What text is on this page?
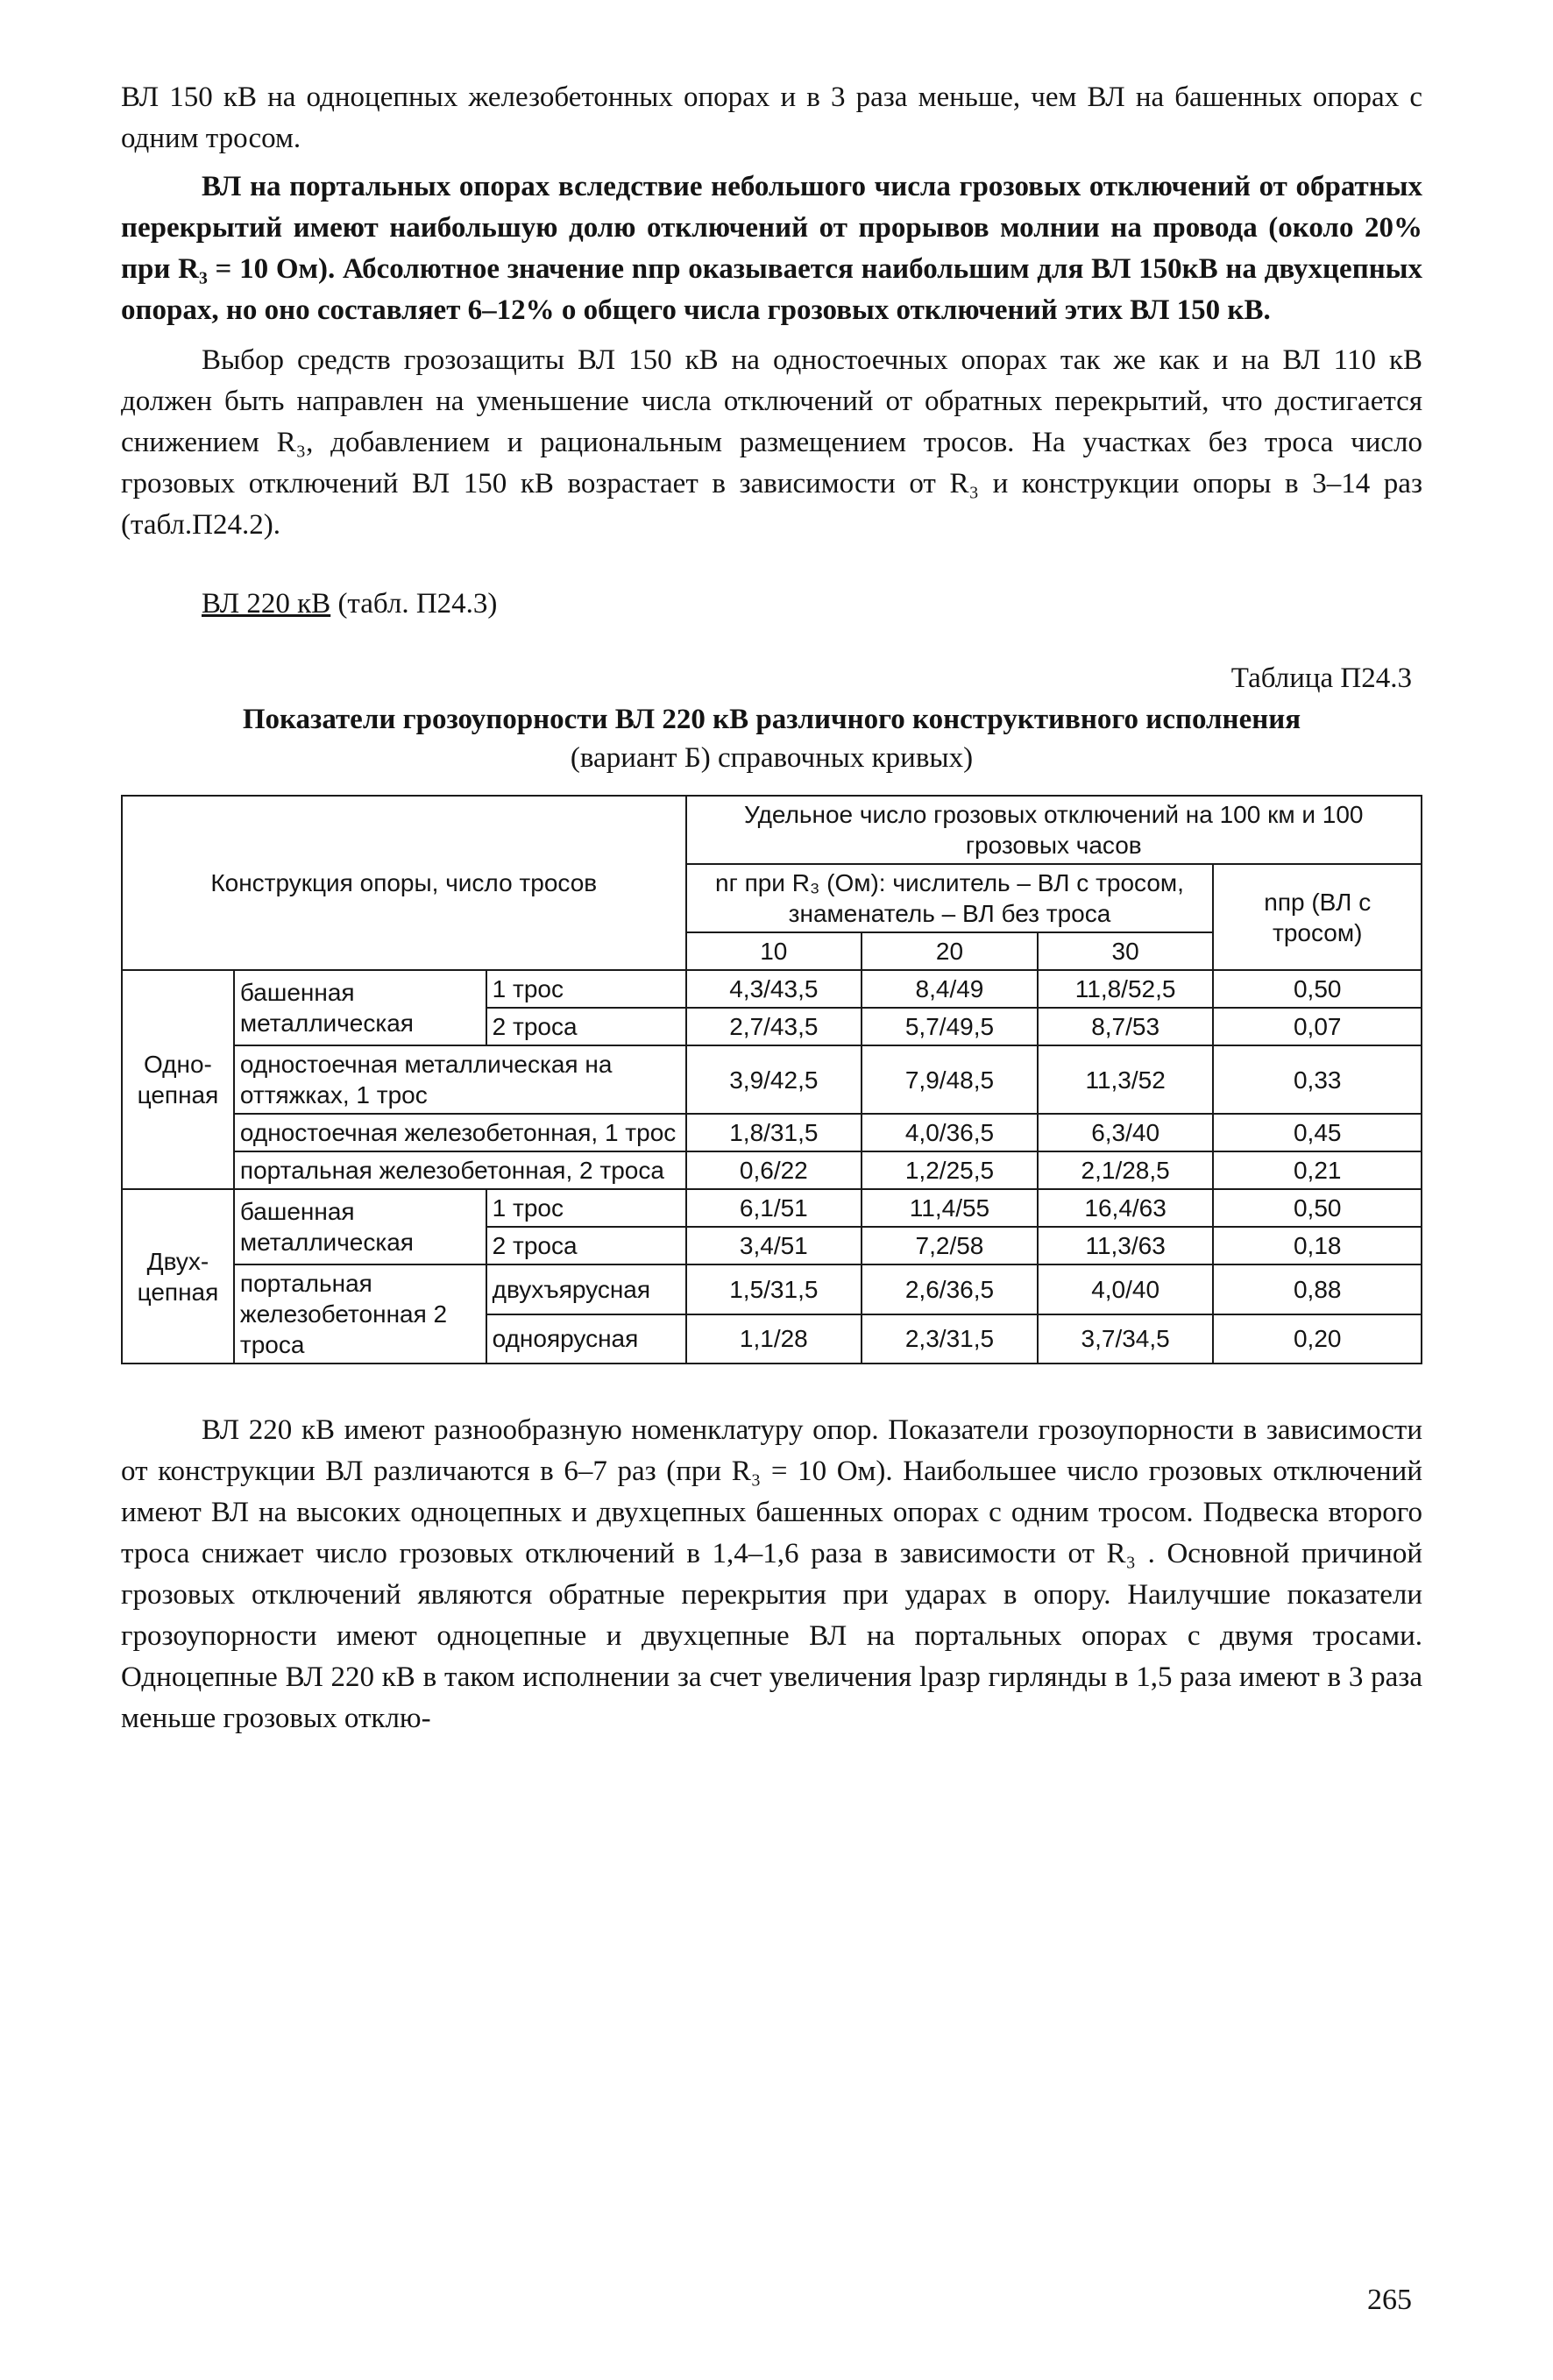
ВЛ 150 кВ на одноцепных железобетонных опорах и в 3 раза меньше, чем ВЛ на башенных опорах с одним тросом.

ВЛ на портальных опорах вследствие небольшого числа грозовых отключений от обратных перекрытий имеют наибольшую долю отключений от прорывов молнии на провода (около 20% при R₃ = 10 Ом). Абсолютное значение nпр оказывается наибольшим для ВЛ 150кВ на двухцепных опорах, но оно составляет 6–12% о общего числа грозовых отключений этих ВЛ 150 кВ.

Выбор средств грозозащиты ВЛ 150 кВ на одностоечных опорах так же как и на ВЛ 110 кВ должен быть направлен на уменьшение числа отключений от обратных перекрытий, что достигается снижением R₃, добавлением и рациональным размещением тросов. На участках без троса число грозовых отключений ВЛ 150 кВ возрастает в зависимости от R₃ и конструкции опоры в 3–14 раз (табл.П24.2).

ВЛ 220 кВ (табл. П24.3)
Таблица П24.3
Показатели грозоупорности ВЛ 220 кВ различного конструктивного исполнения
(вариант Б) справочных кривых)
Конструкция опоры, число тросов			Удельное число грозовых отключений на 100 км и 100 грозовых часов			
			nг при R₃ (Ом): числитель – ВЛ с тросом, знаменатель – ВЛ без троса			nпр (ВЛ с тросом)
			10	20	30	
Одно-цепная	башенная металлическая	1 трос	4,3/43,5	8,4/49	11,8/52,5	0,50
		2 троса	2,7/43,5	5,7/49,5	8,7/53	0,07
	одностоечная металлическая на оттяжках, 1 трос		3,9/42,5	7,9/48,5	11,3/52	0,33
	одностоечная железобетонная, 1 трос		1,8/31,5	4,0/36,5	6,3/40	0,45
	портальная железобетонная, 2 троса		0,6/22	1,2/25,5	2,1/28,5	0,21
Двух-цепная	башенная металлическая	1 трос	6,1/51	11,4/55	16,4/63	0,50
		2 троса	3,4/51	7,2/58	11,3/63	0,18
	портальная железобетонная 2 троса	двухъярусная	1,5/31,5	2,6/36,5	4,0/40	0,88
		одноярусная	1,1/28	2,3/31,5	3,7/34,5	0,20

ВЛ 220 кВ имеют разнообразную номенклатуру опор. Показатели грозоупорности в зависимости от конструкции ВЛ различаются в 6–7 раз (при R₃ = 10 Ом). Наибольшее число грозовых отключений имеют ВЛ на высоких одноцепных и двухцепных башенных опорах с одним тросом. Подвеска второго троса снижает число грозовых отключений в 1,4–1,6 раза в зависимости от R₃ . Основной причиной грозовых отключений являются обратные перекрытия при ударах в опору. Наилучшие показатели грозоупорности имеют одноцепные и двухцепные ВЛ на портальных опорах с двумя тросами. Одноцепные ВЛ 220 кВ в таком исполнении за счет увеличения lразр гирлянды в 1,5 раза имеют в 3 раза меньше грозовых отклю-

265
